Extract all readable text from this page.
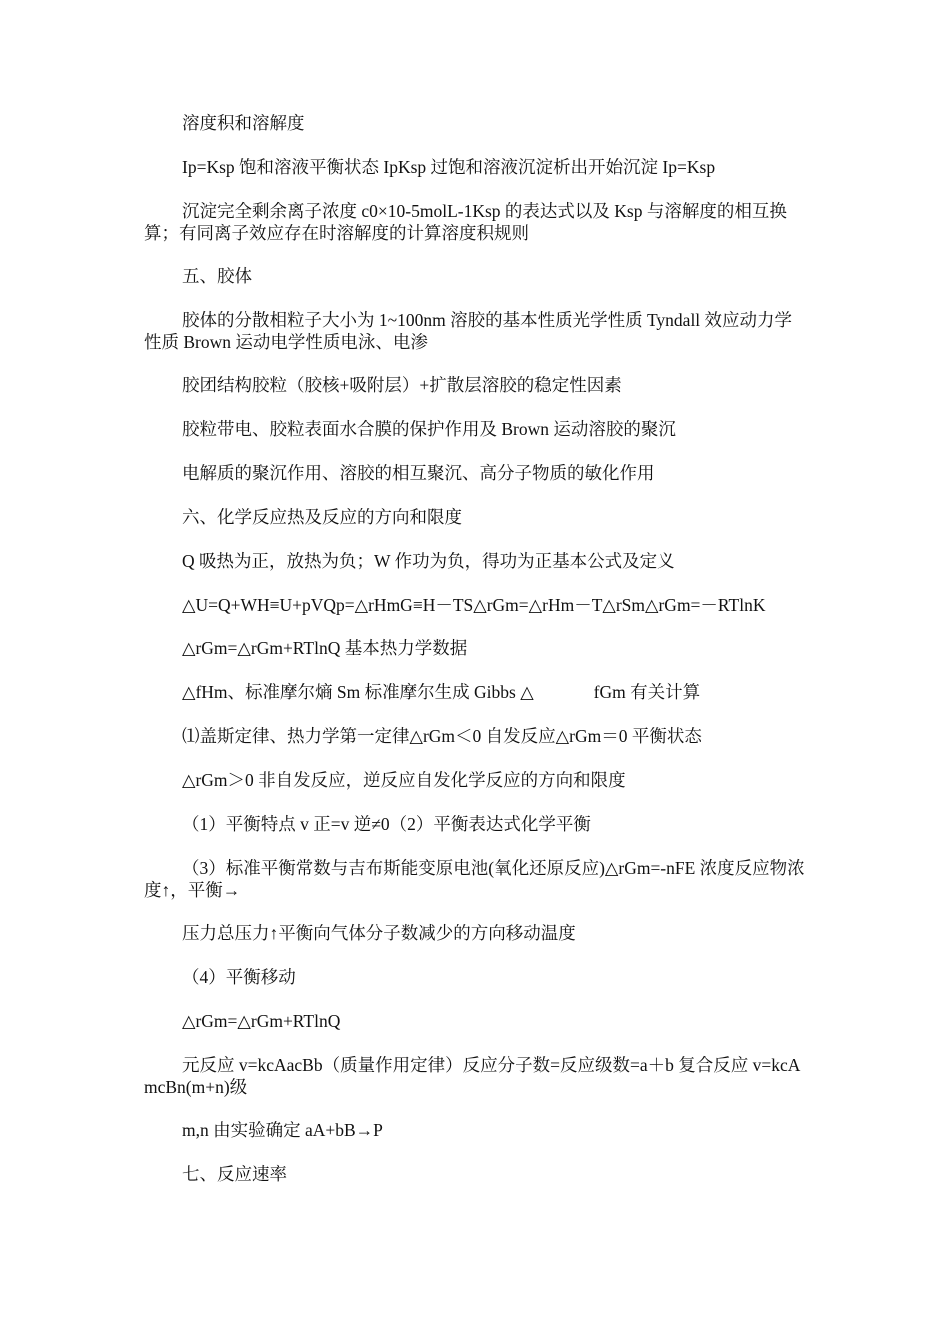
溶度积和溶解度

Ip=Ksp 饱和溶液平衡状态 IpKsp 过饱和溶液沉淀析出开始沉淀 Ip=Ksp

沉淀完全剩余离子浓度 c0×10-5molL-1Ksp 的表达式以及 Ksp 与溶解度的相互换算；有同离子效应存在时溶解度的计算溶度积规则

五、胶体

胶体的分散相粒子大小为 1~100nm 溶胶的基本性质光学性质 Tyndall 效应动力学性质 Brown 运动电学性质电泳、电渗

胶团结构胶粒（胶核+吸附层）+扩散层溶胶的稳定性因素

胶粒带电、胶粒表面水合膜的保护作用及 Brown 运动溶胶的聚沉

电解质的聚沉作用、溶胶的相互聚沉、高分子物质的敏化作用

六、化学反应热及反应的方向和限度

Q 吸热为正，放热为负；W 作功为负，得功为正基本公式及定义

△U=Q+WH≡U+pVQp=△rHmG≡H－TS△rGm=△rHm－T△rSm△rGm=－RTlnK

△rGm=△rGm+RTlnQ 基本热力学数据

△fHm、标准摩尔熵 Sm 标准摩尔生成 Gibbs △	fGm 有关计算

⑴盖斯定律、热力学第一定律△rGm＜0 自发反应△rGm＝0 平衡状态

△rGm＞0 非自发反应，逆反应自发化学反应的方向和限度

（1）平衡特点 v 正=v 逆≠0（2）平衡表达式化学平衡

（3）标准平衡常数与吉布斯能变原电池(氧化还原反应)△rGm=-nFE 浓度反应物浓度↑，平衡→

压力总压力↑平衡向气体分子数减少的方向移动温度

（4）平衡移动

△rGm=△rGm+RTlnQ

元反应 v=kcAacBb（质量作用定律）反应分子数=反应级数=a＋b 复合反应 v=kcAmcBn(m+n)级

m,n 由实验确定 aA+bB→P

七、反应速率
